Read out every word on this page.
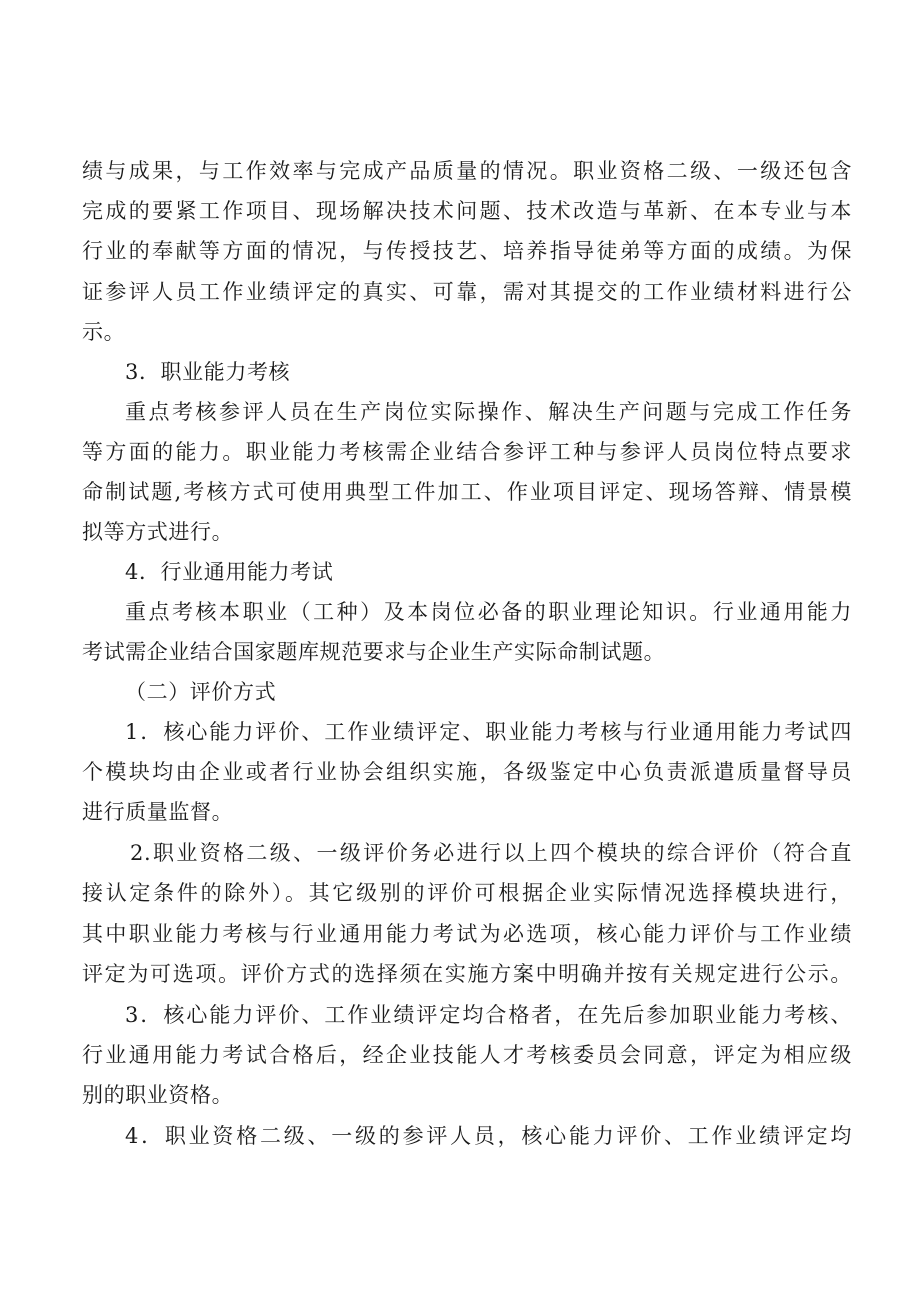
绩与成果，与工作效率与完成产品质量的情况。职业资格二级、一级还包含
完成的要紧工作项目、现场解决技术问题、技术改造与革新、在本专业与本
行业的奉献等方面的情况，与传授技艺、培养指导徒弟等方面的成绩。为保
证参评人员工作业绩评定的真实、可靠，需对其提交的工作业绩材料进行公
示。
3．职业能力考核
重点考核参评人员在生产岗位实际操作、解决生产问题与完成工作任务
等方面的能力。职业能力考核需企业结合参评工种与参评人员岗位特点要求
命制试题,考核方式可使用典型工件加工、作业项目评定、现场答辩、情景模
拟等方式进行。
4．行业通用能力考试
重点考核本职业（工种）及本岗位必备的职业理论知识。行业通用能力
考试需企业结合国家题库规范要求与企业生产实际命制试题。
（二）评价方式
1．核心能力评价、工作业绩评定、职业能力考核与行业通用能力考试四
个模块均由企业或者行业协会组织实施，各级鉴定中心负责派遣质量督导员
进行质量监督。
2.职业资格二级、一级评价务必进行以上四个模块的综合评价（符合直
接认定条件的除外）。其它级别的评价可根据企业实际情况选择模块进行，
其中职业能力考核与行业通用能力考试为必选项，核心能力评价与工作业绩
评定为可选项。评价方式的选择须在实施方案中明确并按有关规定进行公示。
3．核心能力评价、工作业绩评定均合格者，在先后参加职业能力考核、
行业通用能力考试合格后，经企业技能人才考核委员会同意，评定为相应级
别的职业资格。
4．职业资格二级、一级的参评人员，核心能力评价、工作业绩评定均
